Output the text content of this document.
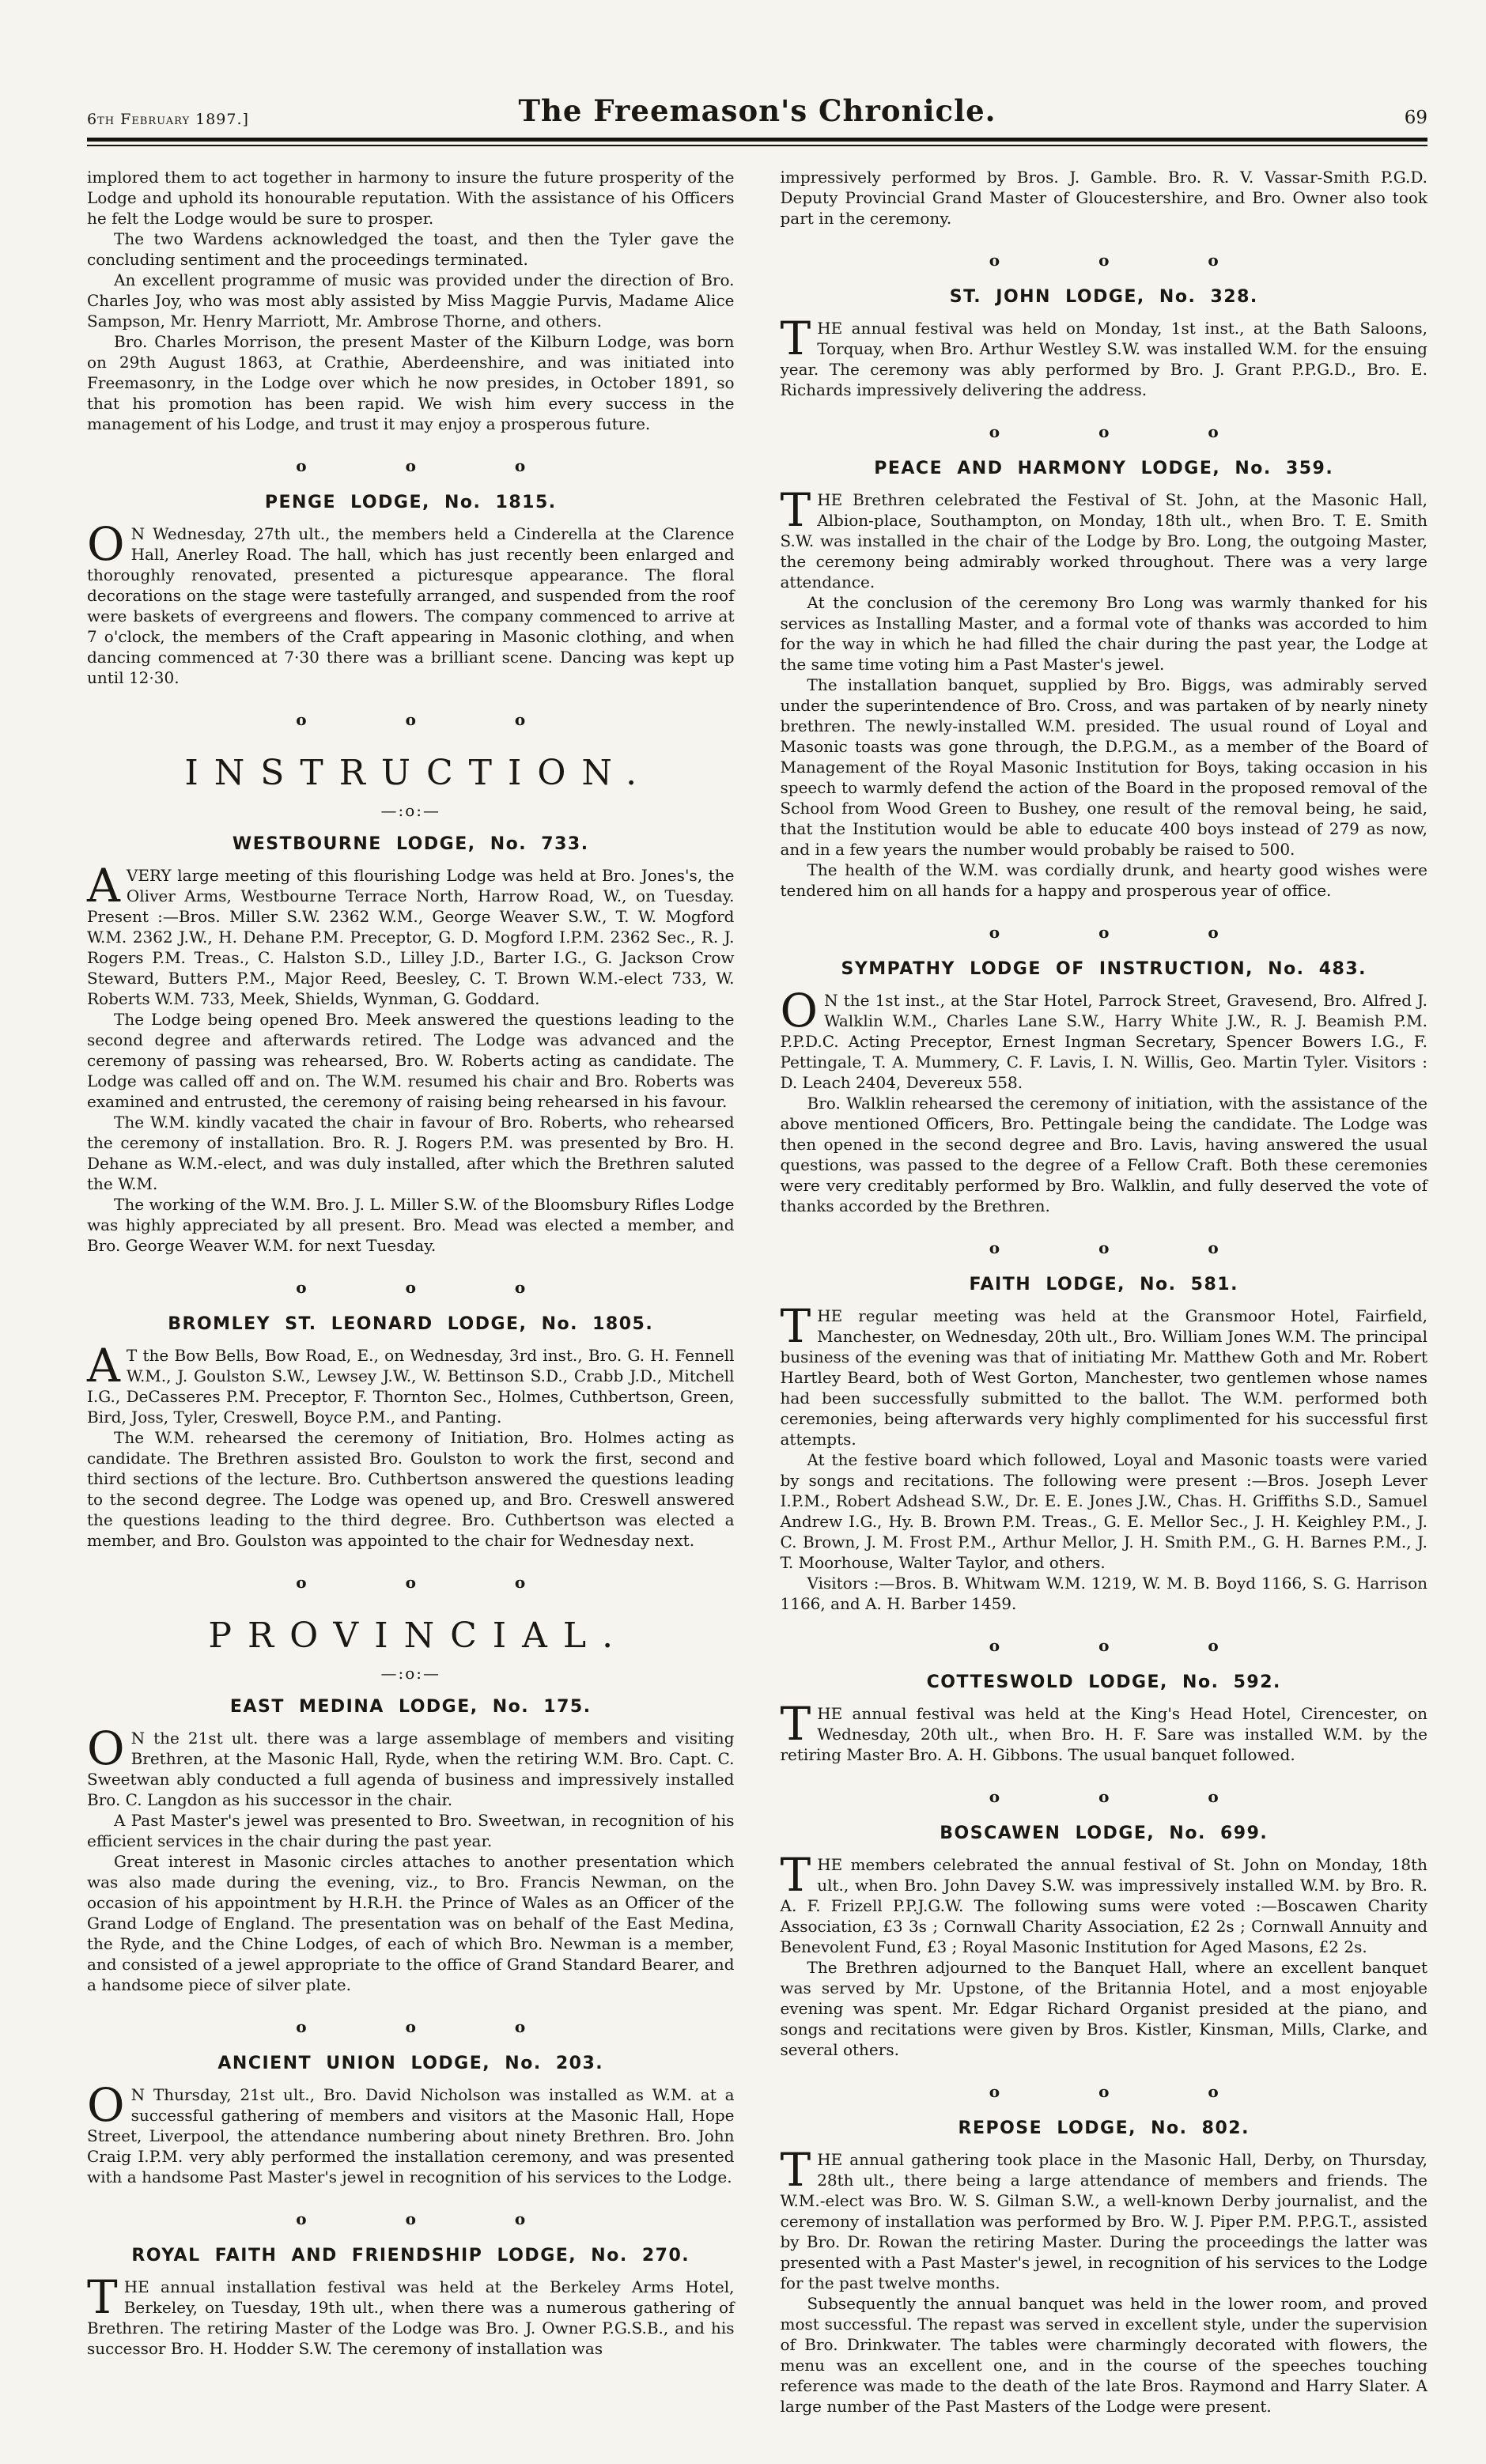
6th February 1897.]	The Freemason's Chronicle.	69

implored them to act together in harmony to insure the future prosperity of the Lodge and uphold its honourable reputation. With the assistance of his Officers he felt the Lodge would be sure to prosper.

The two Wardens acknowledged the toast, and then the Tyler gave the concluding sentiment and the proceedings terminated.

An excellent programme of music was provided under the direction of Bro. Charles Joy, who was most ably assisted by Miss Maggie Purvis, Madame Alice Sampson, Mr. Henry Marriott, Mr. Ambrose Thorne, and others.

Bro. Charles Morrison, the present Master of the Kilburn Lodge, was born on 29th August 1863, at Crathie, Aberdeenshire, and was initiated into Freemasonry, in the Lodge over which he now presides, in October 1891, so that his promotion has been rapid. We wish him every success in the management of his Lodge, and trust it may enjoy a prosperous future.

o o o
PENGE LODGE, No. 1815.

O N Wednesday, 27th ult., the members held a Cinderella at the Clarence Hall, Anerley Road. The hall, which has just recently been enlarged and thoroughly renovated, presented a picturesque appearance. The floral decorations on the stage were tastefully arranged, and suspended from the roof were baskets of evergreens and flowers. The company commenced to arrive at 7 o'clock, the members of the Craft appearing in Masonic clothing, and when dancing commenced at 7·30 there was a brilliant scene. Dancing was kept up until 12·30.

o o o
INSTRUCTION.
—:o:—
WESTBOURNE LODGE, No. 733.

AVERY large meeting of this flourishing Lodge was held at Bro. Jones's, the Oliver Arms, Westbourne Terrace North, Harrow Road, W., on Tuesday. Present :—Bros. Miller S.W. 2362 W.M., George Weaver S.W., T. W. Mogford W.M. 2362 J.W., H. Dehane P.M. Preceptor, G. D. Mogford I.P.M. 2362 Sec., R. J. Rogers P.M. Treas., C. Halston S.D., Lilley J.D., Barter I.G., G. Jackson Crow Steward, Butters P.M., Major Reed, Beesley, C. T. Brown W.M.-elect 733, W. Roberts W.M. 733, Meek, Shields, Wynman, G. Goddard.

The Lodge being opened Bro. Meek answered the questions leading to the second degree and afterwards retired. The Lodge was advanced and the ceremony of passing was rehearsed, Bro. W. Roberts acting as candidate. The Lodge was called off and on. The W.M. resumed his chair and Bro. Roberts was examined and entrusted, the ceremony of raising being rehearsed in his favour.

The W.M. kindly vacated the chair in favour of Bro. Roberts, who rehearsed the ceremony of installation. Bro. R. J. Rogers P.M. was presented by Bro. H. Dehane as W.M.-elect, and was duly installed, after which the Brethren saluted the W.M.

The working of the W.M. Bro. J. L. Miller S.W. of the Bloomsbury Rifles Lodge was highly appreciated by all present. Bro. Mead was elected a member, and Bro. George Weaver W.M. for next Tuesday.

o o o
BROMLEY ST. LEONARD LODGE, No. 1805.

A T the Bow Bells, Bow Road, E., on Wednesday, 3rd inst., Bro. G. H. Fennell W.M., J. Goulston S.W., Lewsey J.W., W. Bettinson S.D., Crabb J.D., Mitchell I.G., DeCasseres P.M. Preceptor, F. Thornton Sec., Holmes, Cuthbertson, Green, Bird, Joss, Tyler, Creswell, Boyce P.M., and Panting.

The W.M. rehearsed the ceremony of Initiation, Bro. Holmes acting as candidate. The Brethren assisted Bro. Goulston to work the first, second and third sections of the lecture. Bro. Cuthbertson answered the questions leading to the second degree. The Lodge was opened up, and Bro. Creswell answered the questions leading to the third degree. Bro. Cuthbertson was elected a member, and Bro. Goulston was appointed to the chair for Wednesday next.

o o o
PROVINCIAL.
—:o:—
EAST MEDINA LODGE, No. 175.

O N the 21st ult. there was a large assemblage of members and visiting Brethren, at the Masonic Hall, Ryde, when the retiring W.M. Bro. Capt. C. Sweetwan ably conducted a full agenda of business and impressively installed Bro. C. Langdon as his successor in the chair.

A Past Master's jewel was presented to Bro. Sweetwan, in recognition of his efficient services in the chair during the past year.

Great interest in Masonic circles attaches to another presentation which was also made during the evening, viz., to Bro. Francis Newman, on the occasion of his appointment by H.R.H. the Prince of Wales as an Officer of the Grand Lodge of England. The presentation was on behalf of the East Medina, the Ryde, and the Chine Lodges, of each of which Bro. Newman is a member, and consisted of a jewel appropriate to the office of Grand Standard Bearer, and a handsome piece of silver plate.

o o o
ANCIENT UNION LODGE, No. 203.

O N Thursday, 21st ult., Bro. David Nicholson was installed as W.M. at a successful gathering of members and visitors at the Masonic Hall, Hope Street, Liverpool, the attendance numbering about ninety Brethren. Bro. John Craig I.P.M. very ably performed the installation ceremony, and was presented with a handsome Past Master's jewel in recognition of his services to the Lodge.

o o o
ROYAL FAITH AND FRIENDSHIP LODGE, No. 270.

THE annual installation festival was held at the Berkeley Arms Hotel, Berkeley, on Tuesday, 19th ult., when there was a numerous gathering of Brethren. The retiring Master of the Lodge was Bro. J. Owner P.G.S.B., and his successor Bro. H. Hodder S.W. The ceremony of installation was

impressively performed by Bros. J. Gamble. Bro. R. V. Vassar-Smith P.G.D. Deputy Provincial Grand Master of Gloucestershire, and Bro. Owner also took part in the ceremony.

o o o
ST. JOHN LODGE, No. 328.

THE annual festival was held on Monday, 1st inst., at the Bath Saloons, Torquay, when Bro. Arthur Westley S.W. was installed W.M. for the ensuing year. The ceremony was ably performed by Bro. J. Grant P.P.G.D., Bro. E. Richards impressively delivering the address.

o o o
PEACE AND HARMONY LODGE, No. 359.

THE Brethren celebrated the Festival of St. John, at the Masonic Hall, Albion-place, Southampton, on Monday, 18th ult., when Bro. T. E. Smith S.W. was installed in the chair of the Lodge by Bro. Long, the outgoing Master, the ceremony being admirably worked throughout. There was a very large attendance.

At the conclusion of the ceremony Bro Long was warmly thanked for his services as Installing Master, and a formal vote of thanks was accorded to him for the way in which he had filled the chair during the past year, the Lodge at the same time voting him a Past Master's jewel.

The installation banquet, supplied by Bro. Biggs, was admirably served under the superintendence of Bro. Cross, and was partaken of by nearly ninety brethren. The newly-installed W.M. presided. The usual round of Loyal and Masonic toasts was gone through, the D.P.G.M., as a member of the Board of Management of the Royal Masonic Institution for Boys, taking occasion in his speech to warmly defend the action of the Board in the proposed removal of the School from Wood Green to Bushey, one result of the removal being, he said, that the Institution would be able to educate 400 boys instead of 279 as now, and in a few years the number would probably be raised to 500.

The health of the W.M. was cordially drunk, and hearty good wishes were tendered him on all hands for a happy and prosperous year of office.

o o o
SYMPATHY LODGE OF INSTRUCTION, No. 483.

O N the 1st inst., at the Star Hotel, Parrock Street, Gravesend, Bro. Alfred J. Walklin W.M., Charles Lane S.W., Harry White J.W., R. J. Beamish P.M. P.P.D.C. Acting Preceptor, Ernest Ingman Secretary, Spencer Bowers I.G., F. Pettingale, T. A. Mummery, C. F. Lavis, I. N. Willis, Geo. Martin Tyler. Visitors : D. Leach 2404, Devereux 558.

Bro. Walklin rehearsed the ceremony of initiation, with the assistance of the above mentioned Officers, Bro. Pettingale being the candidate. The Lodge was then opened in the second degree and Bro. Lavis, having answered the usual questions, was passed to the degree of a Fellow Craft. Both these ceremonies were very creditably performed by Bro. Walklin, and fully deserved the vote of thanks accorded by the Brethren.

o o o
FAITH LODGE, No. 581.

THE regular meeting was held at the Gransmoor Hotel, Fairfield, Manchester, on Wednesday, 20th ult., Bro. William Jones W.M. The principal business of the evening was that of initiating Mr. Matthew Goth and Mr. Robert Hartley Beard, both of West Gorton, Manchester, two gentlemen whose names had been successfully submitted to the ballot. The W.M. performed both ceremonies, being afterwards very highly complimented for his successful first attempts.

At the festive board which followed, Loyal and Masonic toasts were varied by songs and recitations. The following were present :—Bros. Joseph Lever I.P.M., Robert Adshead S.W., Dr. E. E. Jones J.W., Chas. H. Griffiths S.D., Samuel Andrew I.G., Hy. B. Brown P.M. Treas., G. E. Mellor Sec., J. H. Keighley P.M., J. C. Brown, J. M. Frost P.M., Arthur Mellor, J. H. Smith P.M., G. H. Barnes P.M., J. T. Moorhouse, Walter Taylor, and others.

Visitors :—Bros. B. Whitwam W.M. 1219, W. M. B. Boyd 1166, S. G. Harrison 1166, and A. H. Barber 1459.

o o o
COTTESWOLD LODGE, No. 592.

THE annual festival was held at the King's Head Hotel, Cirencester, on Wednesday, 20th ult., when Bro. H. F. Sare was installed W.M. by the retiring Master Bro. A. H. Gibbons. The usual banquet followed.

o o o
BOSCAWEN LODGE, No. 699.

THE members celebrated the annual festival of St. John on Monday, 18th ult., when Bro. John Davey S.W. was impressively installed W.M. by Bro. R. A. F. Frizell P.P.J.G.W. The following sums were voted :—Boscawen Charity Association, £3 3s ; Cornwall Charity Association, £2 2s ; Cornwall Annuity and Benevolent Fund, £3 ; Royal Masonic Institution for Aged Masons, £2 2s.

The Brethren adjourned to the Banquet Hall, where an excellent banquet was served by Mr. Upstone, of the Britannia Hotel, and a most enjoyable evening was spent. Mr. Edgar Richard Organist presided at the piano, and songs and recitations were given by Bros. Kistler, Kinsman, Mills, Clarke, and several others.

o o o
REPOSE LODGE, No. 802.

THE annual gathering took place in the Masonic Hall, Derby, on Thursday, 28th ult., there being a large attendance of members and friends. The W.M.-elect was Bro. W. S. Gilman S.W., a well-known Derby journalist, and the ceremony of installation was performed by Bro. W. J. Piper P.M. P.P.G.T., assisted by Bro. Dr. Rowan the retiring Master. During the proceedings the latter was presented with a Past Master's jewel, in recognition of his services to the Lodge for the past twelve months.

Subsequently the annual banquet was held in the lower room, and proved most successful. The repast was served in excellent style, under the supervision of Bro. Drinkwater. The tables were charmingly decorated with flowers, the menu was an excellent one, and in the course of the speeches touching reference was made to the death of the late Bros. Raymond and Harry Slater. A large number of the Past Masters of the Lodge were present.
